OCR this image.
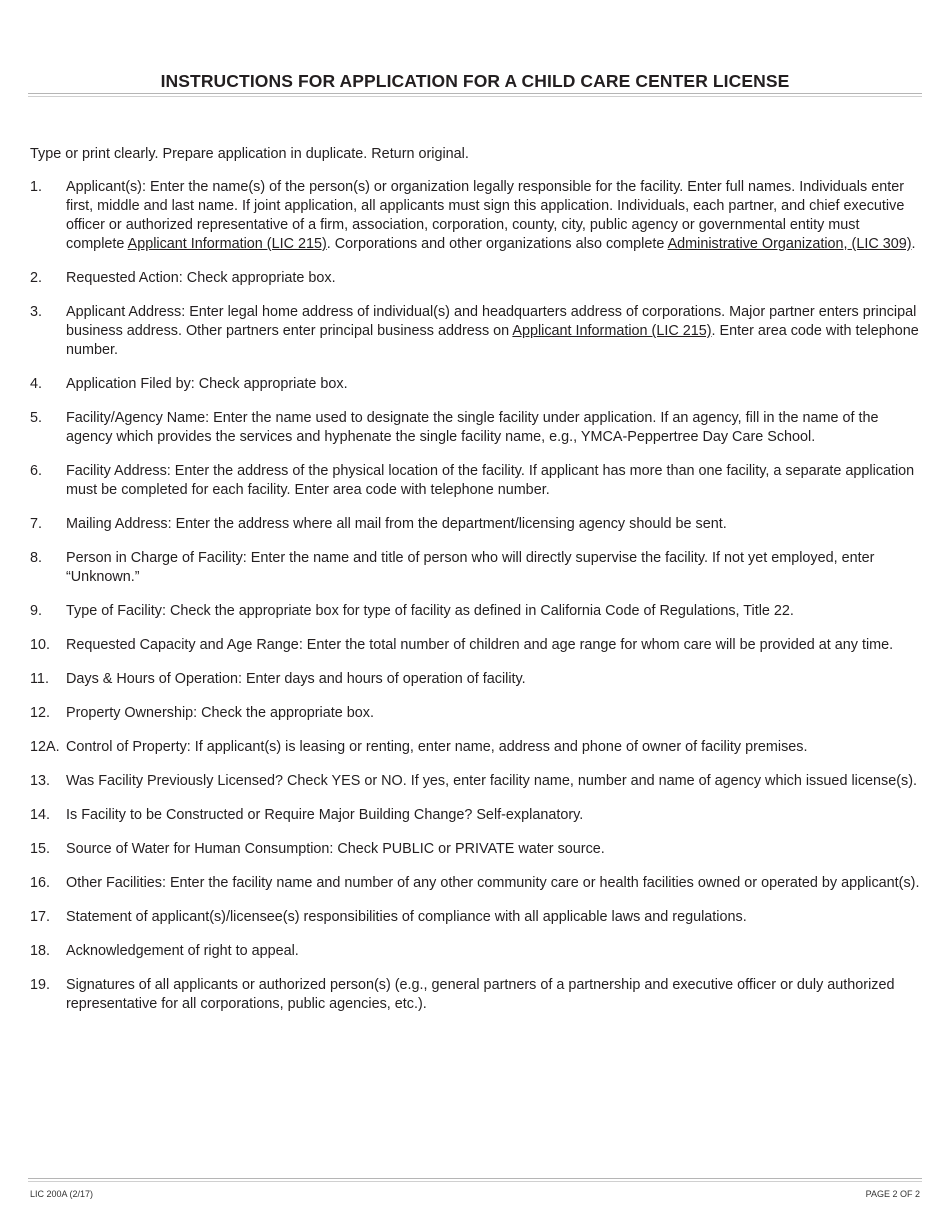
INSTRUCTIONS FOR APPLICATION FOR A CHILD CARE CENTER LICENSE

Type or print clearly. Prepare application in duplicate. Return original.

1.	Applicant(s): Enter the name(s) of the person(s) or organization legally responsible for the facility. Enter full names. Individuals enter first, middle and last name. If joint application, all applicants must sign this application. Individuals, each partner, and chief executive officer or authorized representative of a firm, association, corporation, county, city, public agency or governmental entity must complete Applicant Information (LIC 215). Corporations and other organizations also complete Administrative Organization, (LIC 309).
2.	Requested Action: Check appropriate box.
3.	Applicant Address: Enter legal home address of individual(s) and headquarters address of corporations. Major partner enters principal business address. Other partners enter principal business address on Applicant Information (LIC 215). Enter area code with telephone number.
4.	Application Filed by: Check appropriate box.
5.	Facility/Agency Name: Enter the name used to designate the single facility under application. If an agency, fill in the name of the agency which provides the services and hyphenate the single facility name, e.g., YMCA-Peppertree Day Care School.
6.	Facility Address: Enter the address of the physical location of the facility. If applicant has more than one facility, a separate application must be completed for each facility. Enter area code with telephone number.
7.	Mailing Address: Enter the address where all mail from the department/licensing agency should be sent.
8.	Person in Charge of Facility: Enter the name and title of person who will directly supervise the facility. If not yet employed, enter “Unknown.”
9.	Type of Facility: Check the appropriate box for type of facility as defined in California Code of Regulations, Title 22.
10.	Requested Capacity and Age Range: Enter the total number of children and age range for whom care will be provided at any time.
11.	Days & Hours of Operation: Enter days and hours of operation of facility.
12.	Property Ownership: Check the appropriate box.
12A. Control of Property: If applicant(s) is leasing or renting, enter name, address and phone of owner of facility premises.
13.	Was Facility Previously Licensed? Check YES or NO. If yes, enter facility name, number and name of agency which issued license(s).
14.	Is Facility to be Constructed or Require Major Building Change? Self-explanatory.
15.	Source of Water for Human Consumption: Check PUBLIC or PRIVATE water source.
16.	Other Facilities: Enter the facility name and number of any other community care or health facilities owned or operated by applicant(s).
17.	Statement of applicant(s)/licensee(s) responsibilities of compliance with all applicable laws and regulations.
18.	Acknowledgement of right to appeal.
19.	Signatures of all applicants or authorized person(s) (e.g., general partners of a partnership and executive officer or duly authorized representative for all corporations, public agencies, etc.).

LIC 200A (2/17)	PAGE 2 OF 2
